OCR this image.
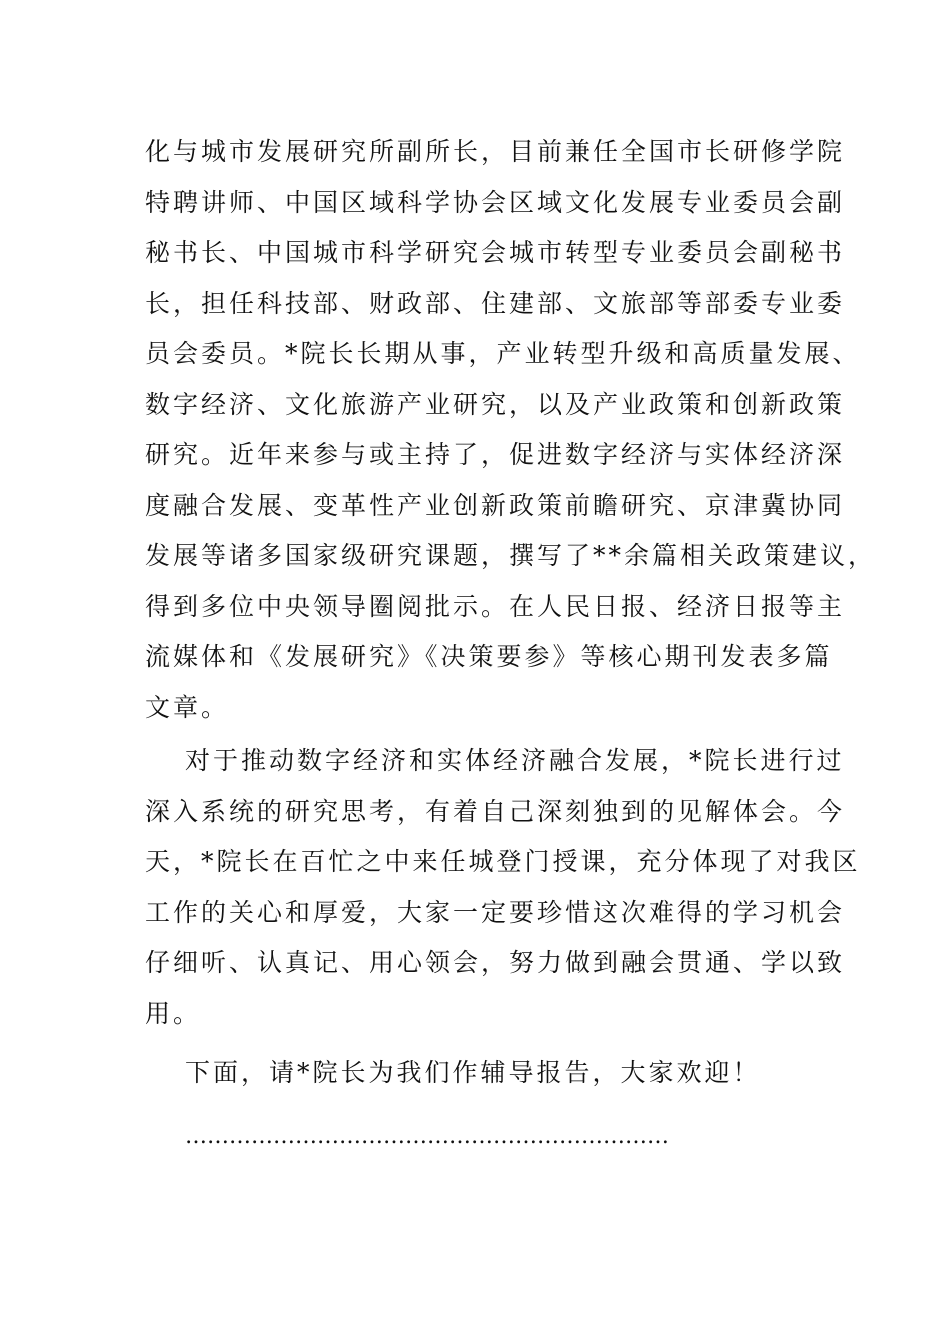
化与城市发展研究所副所长，目前兼任全国市长研修学院
特聘讲师、中国区域科学协会区域文化发展专业委员会副
秘书长、中国城市科学研究会城市转型专业委员会副秘书
长，担任科技部、财政部、住建部、文旅部等部委专业委
员会委员。*院长长期从事，产业转型升级和高质量发展、
数字经济、文化旅游产业研究，以及产业政策和创新政策
研究。近年来参与或主持了，促进数字经济与实体经济深
度融合发展、变革性产业创新政策前瞻研究、京津冀协同
发展等诸多国家级研究课题，撰写了**余篇相关政策建议，
得到多位中央领导圈阅批示。在人民日报、经济日报等主
流媒体和《发展研究》《决策要参》等核心期刊发表多篇
文章。
对于推动数字经济和实体经济融合发展，*院长进行过
深入系统的研究思考，有着自己深刻独到的见解体会。今
天，*院长在百忙之中来任城登门授课，充分体现了对我区
工作的关心和厚爱，大家一定要珍惜这次难得的学习机会
仔细听、认真记、用心领会，努力做到融会贯通、学以致
用。
下面，请*院长为我们作辅导报告，大家欢迎！
…………………………………………………………
